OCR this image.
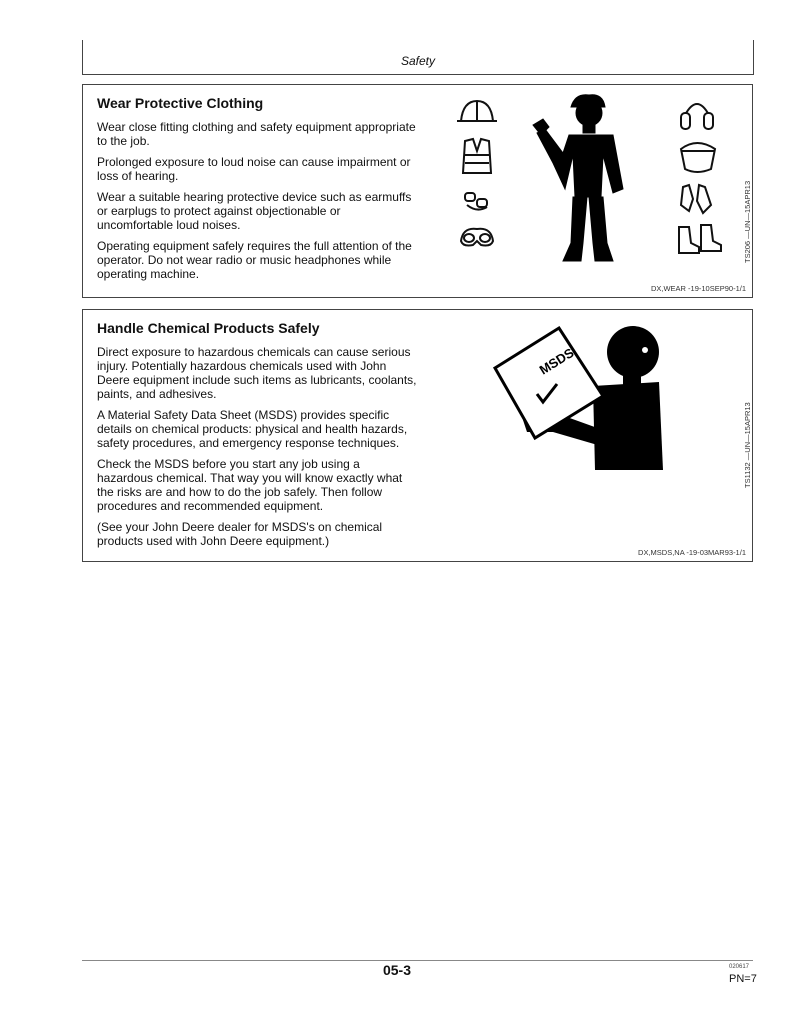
Safety
Wear Protective Clothing

Wear close fitting clothing and safety equipment appropriate to the job.

Prolonged exposure to loud noise can cause impairment or loss of hearing.

Wear a suitable hearing protective device such as earmuffs or earplugs to protect against objectionable or uncomfortable loud noises.

Operating equipment safely requires the full attention of the operator. Do not wear radio or music headphones while operating machine.

TS206 —UN—15APR13
DX,WEAR -19-10SEP90-1/1
Handle Chemical Products Safely

Direct exposure to hazardous chemicals can cause serious injury. Potentially hazardous chemicals used with John Deere equipment include such items as lubricants, coolants, paints, and adhesives.

A Material Safety Data Sheet (MSDS) provides specific details on chemical products: physical and health hazards, safety procedures, and emergency response techniques.

Check the MSDS before you start any job using a hazardous chemical. That way you will know exactly what the risks are and how to do the job safely. Then follow procedures and recommended equipment.

(See your John Deere dealer for MSDS's on chemical products used with John Deere equipment.)

MSDS
TS1132 —UN—15APR13
DX,MSDS,NA -19-03MAR93-1/1
05-3	020617
PN=7
